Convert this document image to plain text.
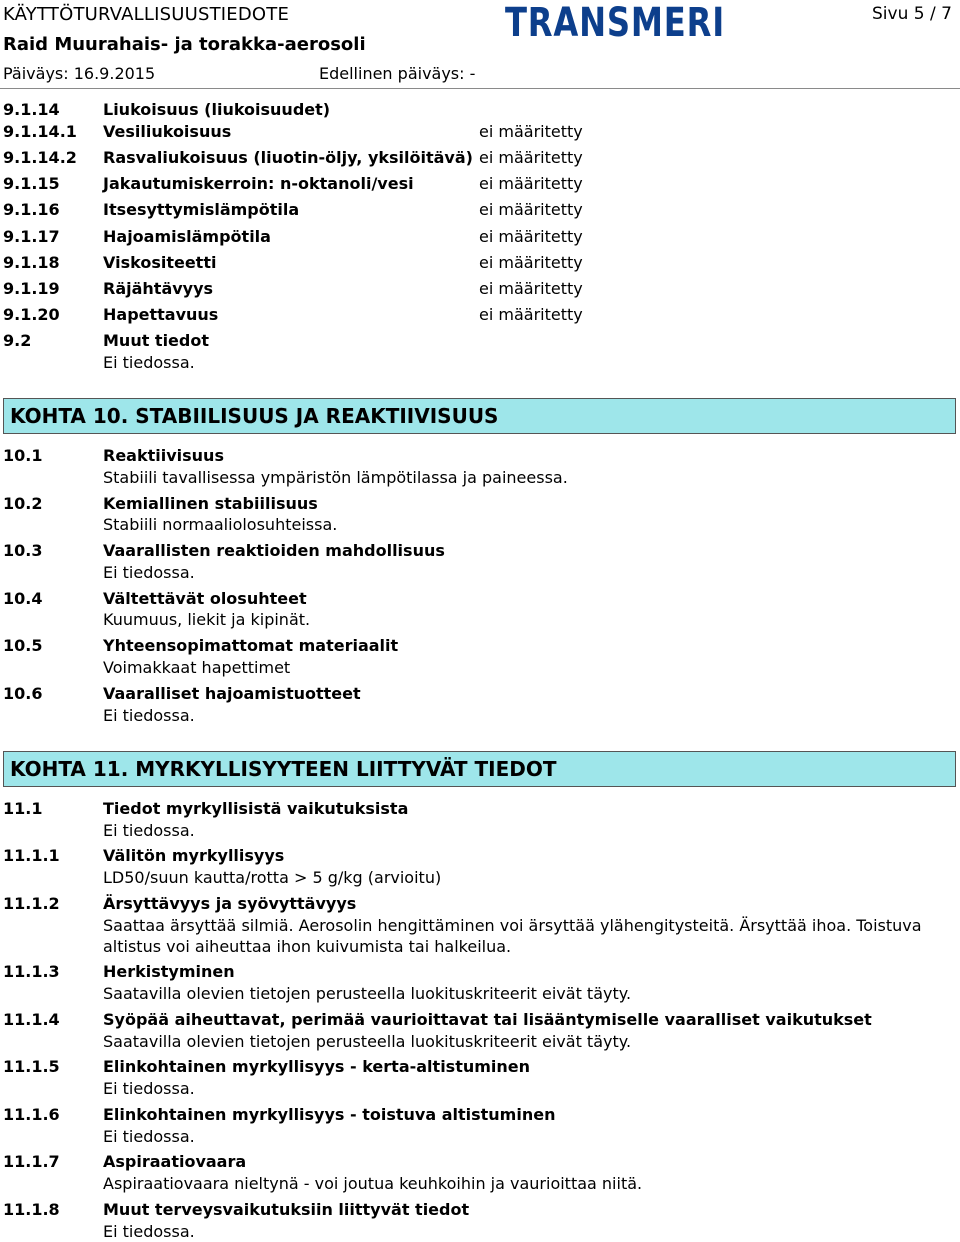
KÄYTTÖTURVALLISUUSTIEDOTE
Raid Muurahais- ja torakka-aerosoli
Päiväys: 16.9.2015	Edellinen päiväys: -
TRANSMERI	Sivu 5 / 7
9.1.14	Liukoisuus (liukoisuudet)
9.1.14.1 Vesiliukoisuus	ei määritetty
9.1.14.2 Rasvaliukoisuus (liuotin-öljy, yksilöitävä) ei määritetty
9.1.15	Jakautumiskerroin: n-oktanoli/vesi	ei määritetty
9.1.16	Itsesyttymislämpötila	ei määritetty
9.1.17	Hajoamislämpötila	ei määritetty
9.1.18	Viskositeetti	ei määritetty
9.1.19	Räjähtävyys	ei määritetty
9.1.20	Hapettavuus	ei määritetty
9.2	Muut tiedot
Ei tiedossa.
KOHTA 10. STABIILISUUS JA REAKTIIVISUUS
10.1	Reaktiivisuus
Stabiili tavallisessa ympäristön lämpötilassa ja paineessa.
10.2	Kemiallinen stabiilisuus
Stabiili normaaliolosuhteissa.
10.3	Vaarallisten reaktioiden mahdollisuus
Ei tiedossa.
10.4	Vältettävät olosuhteet
Kuumuus, liekit ja kipinät.
10.5	Yhteensopimattomat materiaalit
Voimakkaat hapettimet
10.6	Vaaralliset hajoamistuotteet
Ei tiedossa.
KOHTA 11. MYRKYLLISYYTEEN LIITTYVÄT TIEDOT
11.1	Tiedot myrkyllisistä vaikutuksista
Ei tiedossa.
11.1.1	Välitön myrkyllisyys
LD50/suun kautta/rotta > 5 g/kg (arvioitu)
11.1.2	Ärsyttävyys ja syövyttävyys
Saattaa ärsyttää silmiä. Aerosolin hengittäminen voi ärsyttää ylähengitysteitä. Ärsyttää ihoa. Toistuva altistus voi aiheuttaa ihon kuivumista tai halkeilua.
11.1.3	Herkistyminen
Saatavilla olevien tietojen perusteella luokituskriteerit eivät täyty.
11.1.4	Syöpää aiheuttavat, perimää vaurioittavat tai lisääntymiselle vaaralliset vaikutukset
Saatavilla olevien tietojen perusteella luokituskriteerit eivät täyty.
11.1.5	Elinkohtainen myrkyllisyys - kerta-altistuminen
Ei tiedossa.
11.1.6	Elinkohtainen myrkyllisyys - toistuva altistuminen
Ei tiedossa.
11.1.7	Aspiraatiovaara
Aspiraatiovaara nieltynä - voi joutua keuhkoihin ja vaurioittaa niitä.
11.1.8	Muut terveysvaikutuksiin liittyvät tiedot
Ei tiedossa.
